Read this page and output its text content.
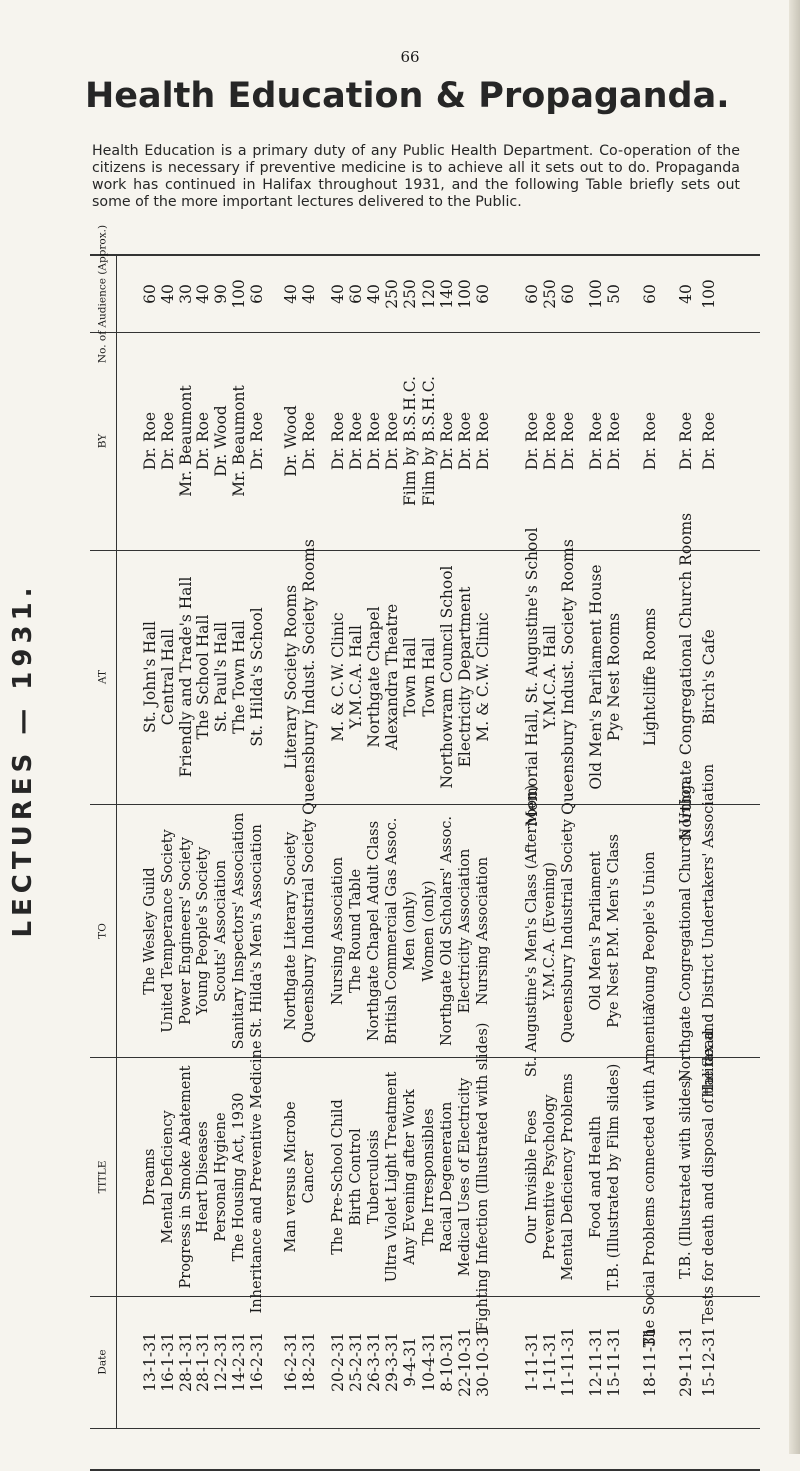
66
Health Education & Propaganda.
Health Education is a primary duty of any Public Health Department. Co-operation of the citizens is necessary if preventive medicine is to achieve all it sets out to do. Propaganda work has continued in Halifax throughout 1931, and the following Table briefly sets out some of the more important lectures delivered to the Public.
LECTURES — 1931.
No. of Audience (Approx.) 60 40 30 40 90 100 60 40 40 40 60 40 250 250 120 140 100 60 60 250 60 100 50 60 40 100
BY Dr. Roe Dr. Roe Mr. Beaumont Dr. Roe Dr. Wood Mr. Beaumont Dr. Roe Dr. Wood Dr. Roe Dr. Roe Dr. Roe Dr. Roe Dr. Roe Film by B.S.H.C. Film by B.S.H.C. Dr. Roe Dr. Roe Dr. Roe Dr. Roe Dr. Roe Dr. Roe Dr. Roe Dr. Roe Dr. Roe Dr. Roe Dr. Roe
AT St. John's Hall Central Hall Friendly and Trade's Hall The School Hall St. Paul's Hall The Town Hall St. Hilda's School Literary Society Rooms Queensbury Indust. Society Rooms M. & C.W. Clinic Y.M.C.A. Hall Northgate Chapel Alexandra Theatre Town Hall Town Hall Northowram Council School Electricity Department M. & C.W. Clinic Memorial Hall, St. Augustine's School Y.M.C.A. Hall Queensbury Indust. Society Rooms Old Men's Parliament House Pye Nest Rooms Lightcliffe Rooms Northgate Congregational Church Rooms Birch's Cafe
TO The Wesley Guild United Temperance Society Power Engineers' Society Young People's Society Scouts' Association Sanitary Inspectors' Association St. Hilda's Men's Association Northgate Literary Society Queensbury Industrial Society Nursing Association The Round Table Northgate Chapel Adult Class British Commercial Gas Assoc. Men (only) Women (only) Northgate Old Scholars' Assoc. Electricity Association Nursing Association St. Augustine's Men's Class (Afternoon) Y.M.C.A. (Evening) Queensbury Industrial Society Old Men's Parliament Pye Nest P.M. Men's Class Young People's Union Northgate Congregational Church Union Halifax and District Undertakers' Association
TITLE Dreams Mental Deficiency Progress in Smoke Abatement Heart Diseases Personal Hygiene The Housing Act, 1930 Inheritance and Preventive Medicine Man versus Microbe Cancer The Pre-School Child Birth Control Tuberculosis Ultra Violet Light Treatment Any Evening after Work The Irresponsibles Racial Degeneration Medical Uses of Electricity Fighting Infection (Illustrated with slides) Our Invisible Foes Preventive Psychology Mental Deficiency Problems Food and Health T.B. (Illustrated by Film slides) The Social Problems connected with Armentia T.B. (Illustrated with slides) Tests for death and disposal of the dead
Date 13-1-31 16-1-31 28-1-31 28-1-31 12-2-31 14-2-31 16-2-31 16-2-31 18-2-31 20-2-31 25-2-31 26-3-31 29-3-31 9-4-31 10-4-31 8-10-31 22-10-31 30-10-31 1-11-31 1-11-31 11-11-31 12-11-31 15-11-31 18-11-31 29-11-31 15-12-31
